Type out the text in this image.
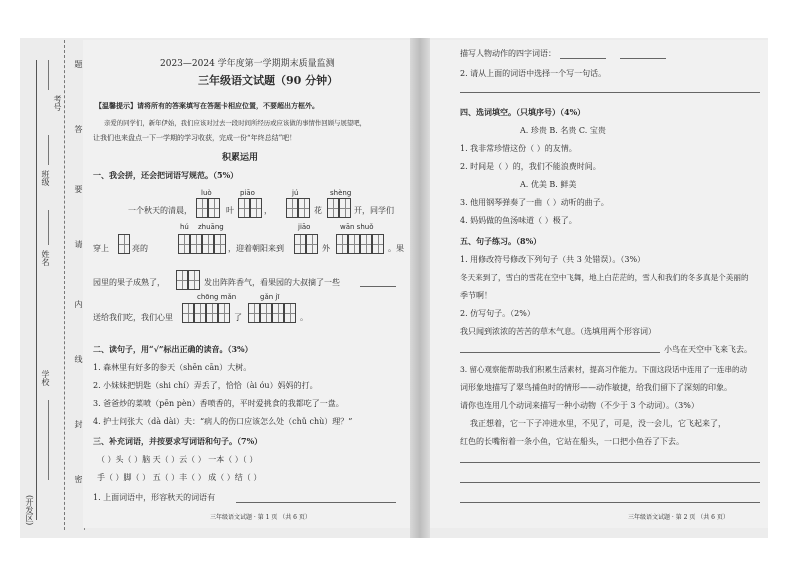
考号
题
答
班级
要
请
姓名
内
学校
线
封
密
(开发区)
2023—2024 学年度第一学期期末质量监测
三年级语文试题（90 分钟）
【温馨提示】请将所有的答案填写在答题卡相应位置，不要超出方框外。
亲爱的同学们，新年伊始，我们应该对过去一段时间所经历或应该做的事情作回顾与展望吧，
让我们也来盘点一下一学期的学习收获，完成一份“年终总结”吧！
积累运用
一、我会拼，还会把词语写规范。（5%）
luò	piāo	jú	shèng
一个秋天的清晨，	叶	，	花	开，同学们
hú zhuāng	jiāo	wān shuǒ
穿上	亮的	，迎着朝阳来到	外	。果
园里的果子成熟了，	发出阵阵香气，看果园的大叔摘了一些
chōng mǎn	gǎn jī
送给我们吃，我们心里	了	。
二、读句子，用“√”标出正确的读音。（3%）
1. 森林里有好多的参天（shēn cān）大树。
2. 小妹妹把钥匙（shi chí）弄丢了，恰恰（ài óu）妈妈的打。
3. 爸爸炒的菜喷（pēn pèn）香喷香的，平时爱挑食的我都吃了一盘。
4. 护士问张大（dà dài）夫：“病人的伤口应该怎么处（chǔ chù）理？”
三、补充词语，并按要求写词语和句子。（7%）
（ ）头（ ）脑 天（ ）云（ ） 一本（ ）（ ）
手（ ）脚（ ） 五（ ）丰（ ） 成（ ）结（ ）
1. 上面词语中，形容秋天的词语有
三年级语文试题 · 第 1 页 （共 6 页）
描写人物动作的四字词语：
2. 请从上面的词语中选择一个写一句话。
四、选词填空。（只填序号）（4%）
A. 珍贵 B. 名贵 C. 宝贵
1. 我非常珍惜这份（ ）的友情。
2. 时间是（ ）的，我们不能浪费时间。
A. 优美 B. 鲜美
3. 他用钢琴弹奏了一曲（ ）动听的曲子。
4. 妈妈做的鱼汤味道（ ）极了。
五、句子练习。（8%）
1. 用修改符号修改下列句子（共 3 处错误）。（3%）
冬天来到了，雪白的雪花在空中飞舞，地上白茫茫的，雪人和我们的冬多真是个美丽的
季节啊！
2. 仿写句子。（2%）
我只闻到浓浓的苦苦的草木气息。（选填用两个形容词）
小鸟在天空中飞来飞去。
3. 留心观察能帮助我们积累生活素材，提高习作能力。下面这段话中连用了一连串的动
词形象地描写了翠鸟捕鱼时的情形——动作敏捷，给我们留下了深刻的印象。
请你也连用几个动词来描写一种小动物（不少于 3 个动词）。（3%）
我正想着，它一下子冲进水里，不见了，可是，没一会儿，它飞起来了，
红色的长嘴衔着一条小鱼，它站在船头，一口把小鱼吞了下去。
三年级语文试题 · 第 2 页 （共 6 页）
